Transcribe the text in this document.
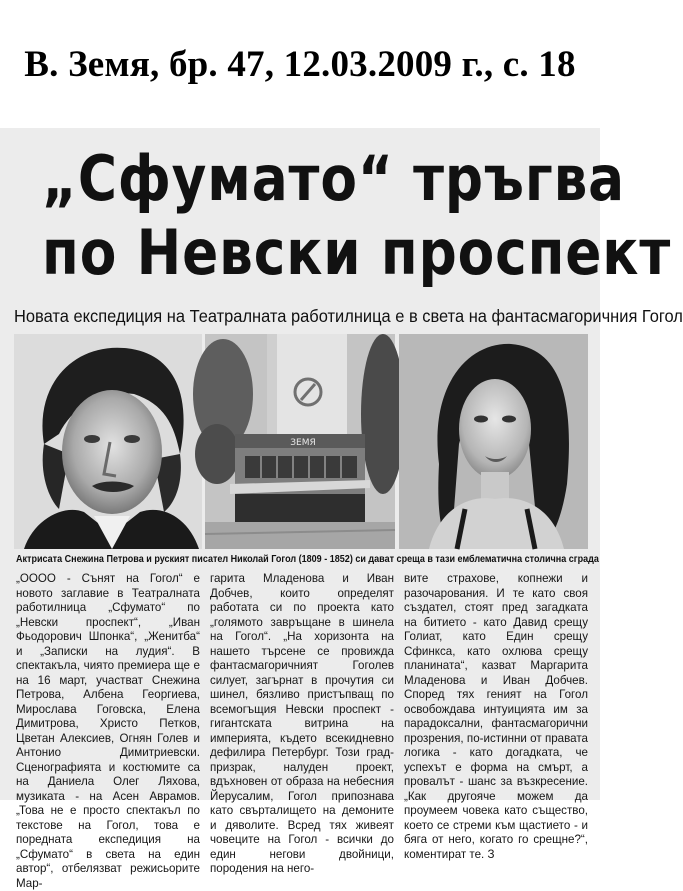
В. Земя, бр. 47, 12.03.2009 г., с. 18
„Сфумато“ тръгва
по Невски проспект
Новата експедиция на Театралната работилница е в света на фантасмагоричния Гогол
ЗЕМЯ
Актрисата Снежина Петрова и руският писател Николай Гогол (1809 - 1852) си дават среща в тази емблематична столична сграда

„ОООО - Сънят на Гогол“ е новото заглавие в Театралната работилница „Сфумато“ по „Невски проспект“, „Иван Фьодорович Шпонка“, „Женитба“ и „Записки на лудия“. В спектакъла, чиято премиера ще е на 16 март, участват Снежина Петрова, Албена Георгиева, Мирослава Гоговска, Елена Димитрова, Христо Петков, Цветан Алексиев, Огнян Голев и Антонио Димитриевски. Сценографията и костюмите са на Даниела Олег Ляхова, музиката - на Асен Аврамов. „Това не е просто спектакъл по текстове на Гогол, това е поредната експедиция на „Сфумато“ в света на един автор“, отбелязват режисьорите Мар-

гарита Младенова и Иван Добчев, които определят работата си по проекта като „голямото завръщане в шинела на Гогол“. „На хоризонта на нашето търсене се провижда фантасмагоричният Гоголев силует, загърнат в прочутия си шинел, бязливо пристъпващ по всемогъщия Невски проспект - гигантската витрина на империята, където всекидневно дефилира Петербург. Този град-призрак, налуден проект, вдъхновен от образа на небесния Йерусалим, Гогол припознава като свърталището на демоните и дяволите. Всред тях живеят човеците на Гогол - всички до един негови двойници, породения на него-

вите страхове, копнежи и разочарования. И те като своя създател, стоят пред загадката на битието - като Давид срещу Голиат, като Един срещу Сфинкса, като охлюва срещу планината“, казват Маргарита Младенова и Иван Добчев. Според тях геният на Гогол освобождава интуицията им за парадоксални, фантасмагорични прозрения, по-истинни от правата логика - като догадката, че успехът е форма на смърт, а провалът - шанс за възкресение. „Как другояче можем да проумеем човека като същество, което се стреми към щастието - и бяга от него, когато го срещне?“, коментират те. З
